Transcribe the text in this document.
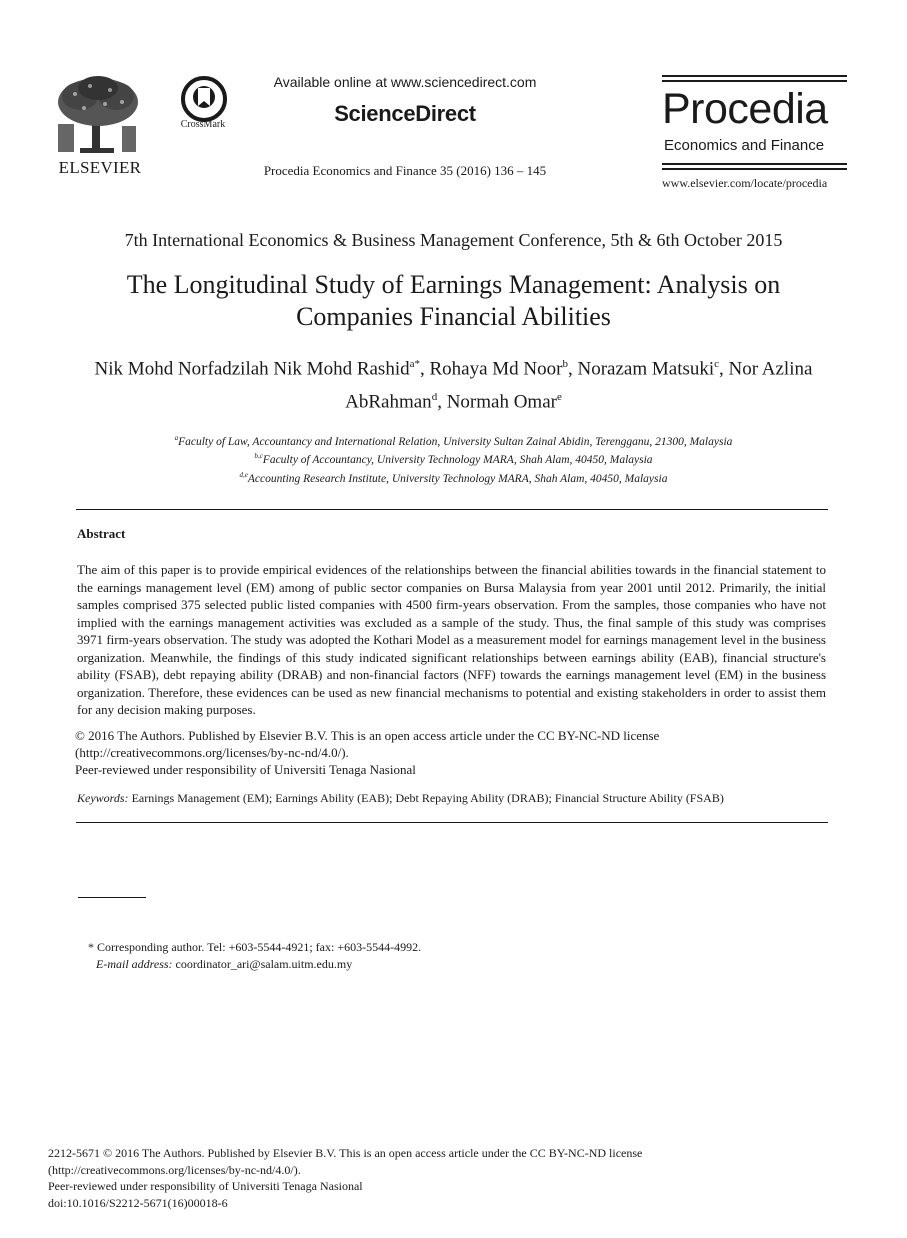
ELSEVIER
CrossMark
Available online at www.sciencedirect.com
ScienceDirect
Procedia Economics and Finance 35 (2016) 136 – 145
Procedia
Economics and Finance
www.elsevier.com/locate/procedia
7th International Economics & Business Management Conference, 5th & 6th October 2015
The Longitudinal Study of Earnings Management: Analysis on
Companies Financial Abilities
Nik Mohd Norfadzilah Nik Mohd Rashid$^{a*}$, Rohaya Md Noor$^b$, Norazam Matsuki$^c$, Nor Azlina AbRahman$^d$, Normah Omar$^e$
$^a$Faculty of Law, Accountancy and International Relation, University Sultan Zainal Abidin, Terengganu, 21300, Malaysia
$^{b,c}$Faculty of Accountancy, University Technology MARA, Shah Alam, 40450, Malaysia
$^{d,e}$Accounting Research Institute, University Technology MARA, Shah Alam, 40450, Malaysia
Abstract
The aim of this paper is to provide empirical evidences of the relationships between the financial abilities towards in the financial statement to the earnings management level (EM) among of public sector companies on Bursa Malaysia from year 2001 until 2012. Primarily, the initial samples comprised 375 selected public listed companies with 4500 firm-years observation. From the samples, those companies who have not implied with the earnings management activities was excluded as a sample of the study. Thus, the final sample of this study was comprises 3971 firm-years observation. The study was adopted the Kothari Model as a measurement model for earnings management level in the business organization. Meanwhile, the findings of this study indicated significant relationships between earnings ability (EAB), financial structure's ability (FSAB), debt repaying ability (DRAB) and non-financial factors (NFF) towards the earnings management level (EM) in the business organization. Therefore, these evidences can be used as new financial mechanisms to potential and existing stakeholders in order to assist them for any decision making purposes.
© 2016 The Authors. Published by Elsevier B.V. This is an open access article under the CC BY-NC-ND license
(http://creativecommons.org/licenses/by-nc-nd/4.0/).
Peer-reviewed under responsibility of Universiti Tenaga Nasional
Keywords: Earnings Management (EM); Earnings Ability (EAB); Debt Repaying Ability (DRAB); Financial Structure Ability (FSAB)
* Corresponding author. Tel: +603-5544-4921; fax: +603-5544-4992.
E-mail address: coordinator_ari@salam.uitm.edu.my
2212-5671 © 2016 The Authors. Published by Elsevier B.V. This is an open access article under the CC BY-NC-ND license
(http://creativecommons.org/licenses/by-nc-nd/4.0/).
Peer-reviewed under responsibility of Universiti Tenaga Nasional
doi:10.1016/S2212-5671(16)00018-6
